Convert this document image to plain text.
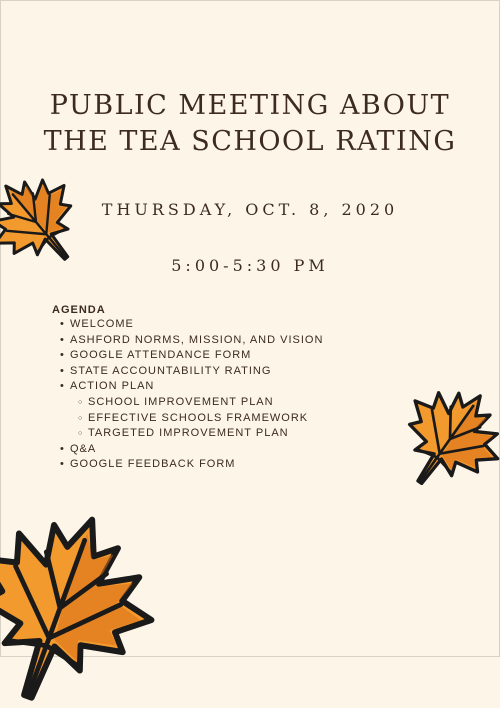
PUBLIC MEETING ABOUT
THE TEA SCHOOL RATING
THURSDAY, OCT. 8, 2020
5:00-5:30 PM
AGENDA
• WELCOME
• ASHFORD NORMS, MISSION, AND VISION
• GOOGLE ATTENDANCE FORM
• STATE ACCOUNTABILITY RATING
• ACTION PLAN
○ SCHOOL IMPROVEMENT PLAN
○ EFFECTIVE SCHOOLS FRAMEWORK
○ TARGETED IMPROVEMENT PLAN
• Q&A
• GOOGLE FEEDBACK FORM
